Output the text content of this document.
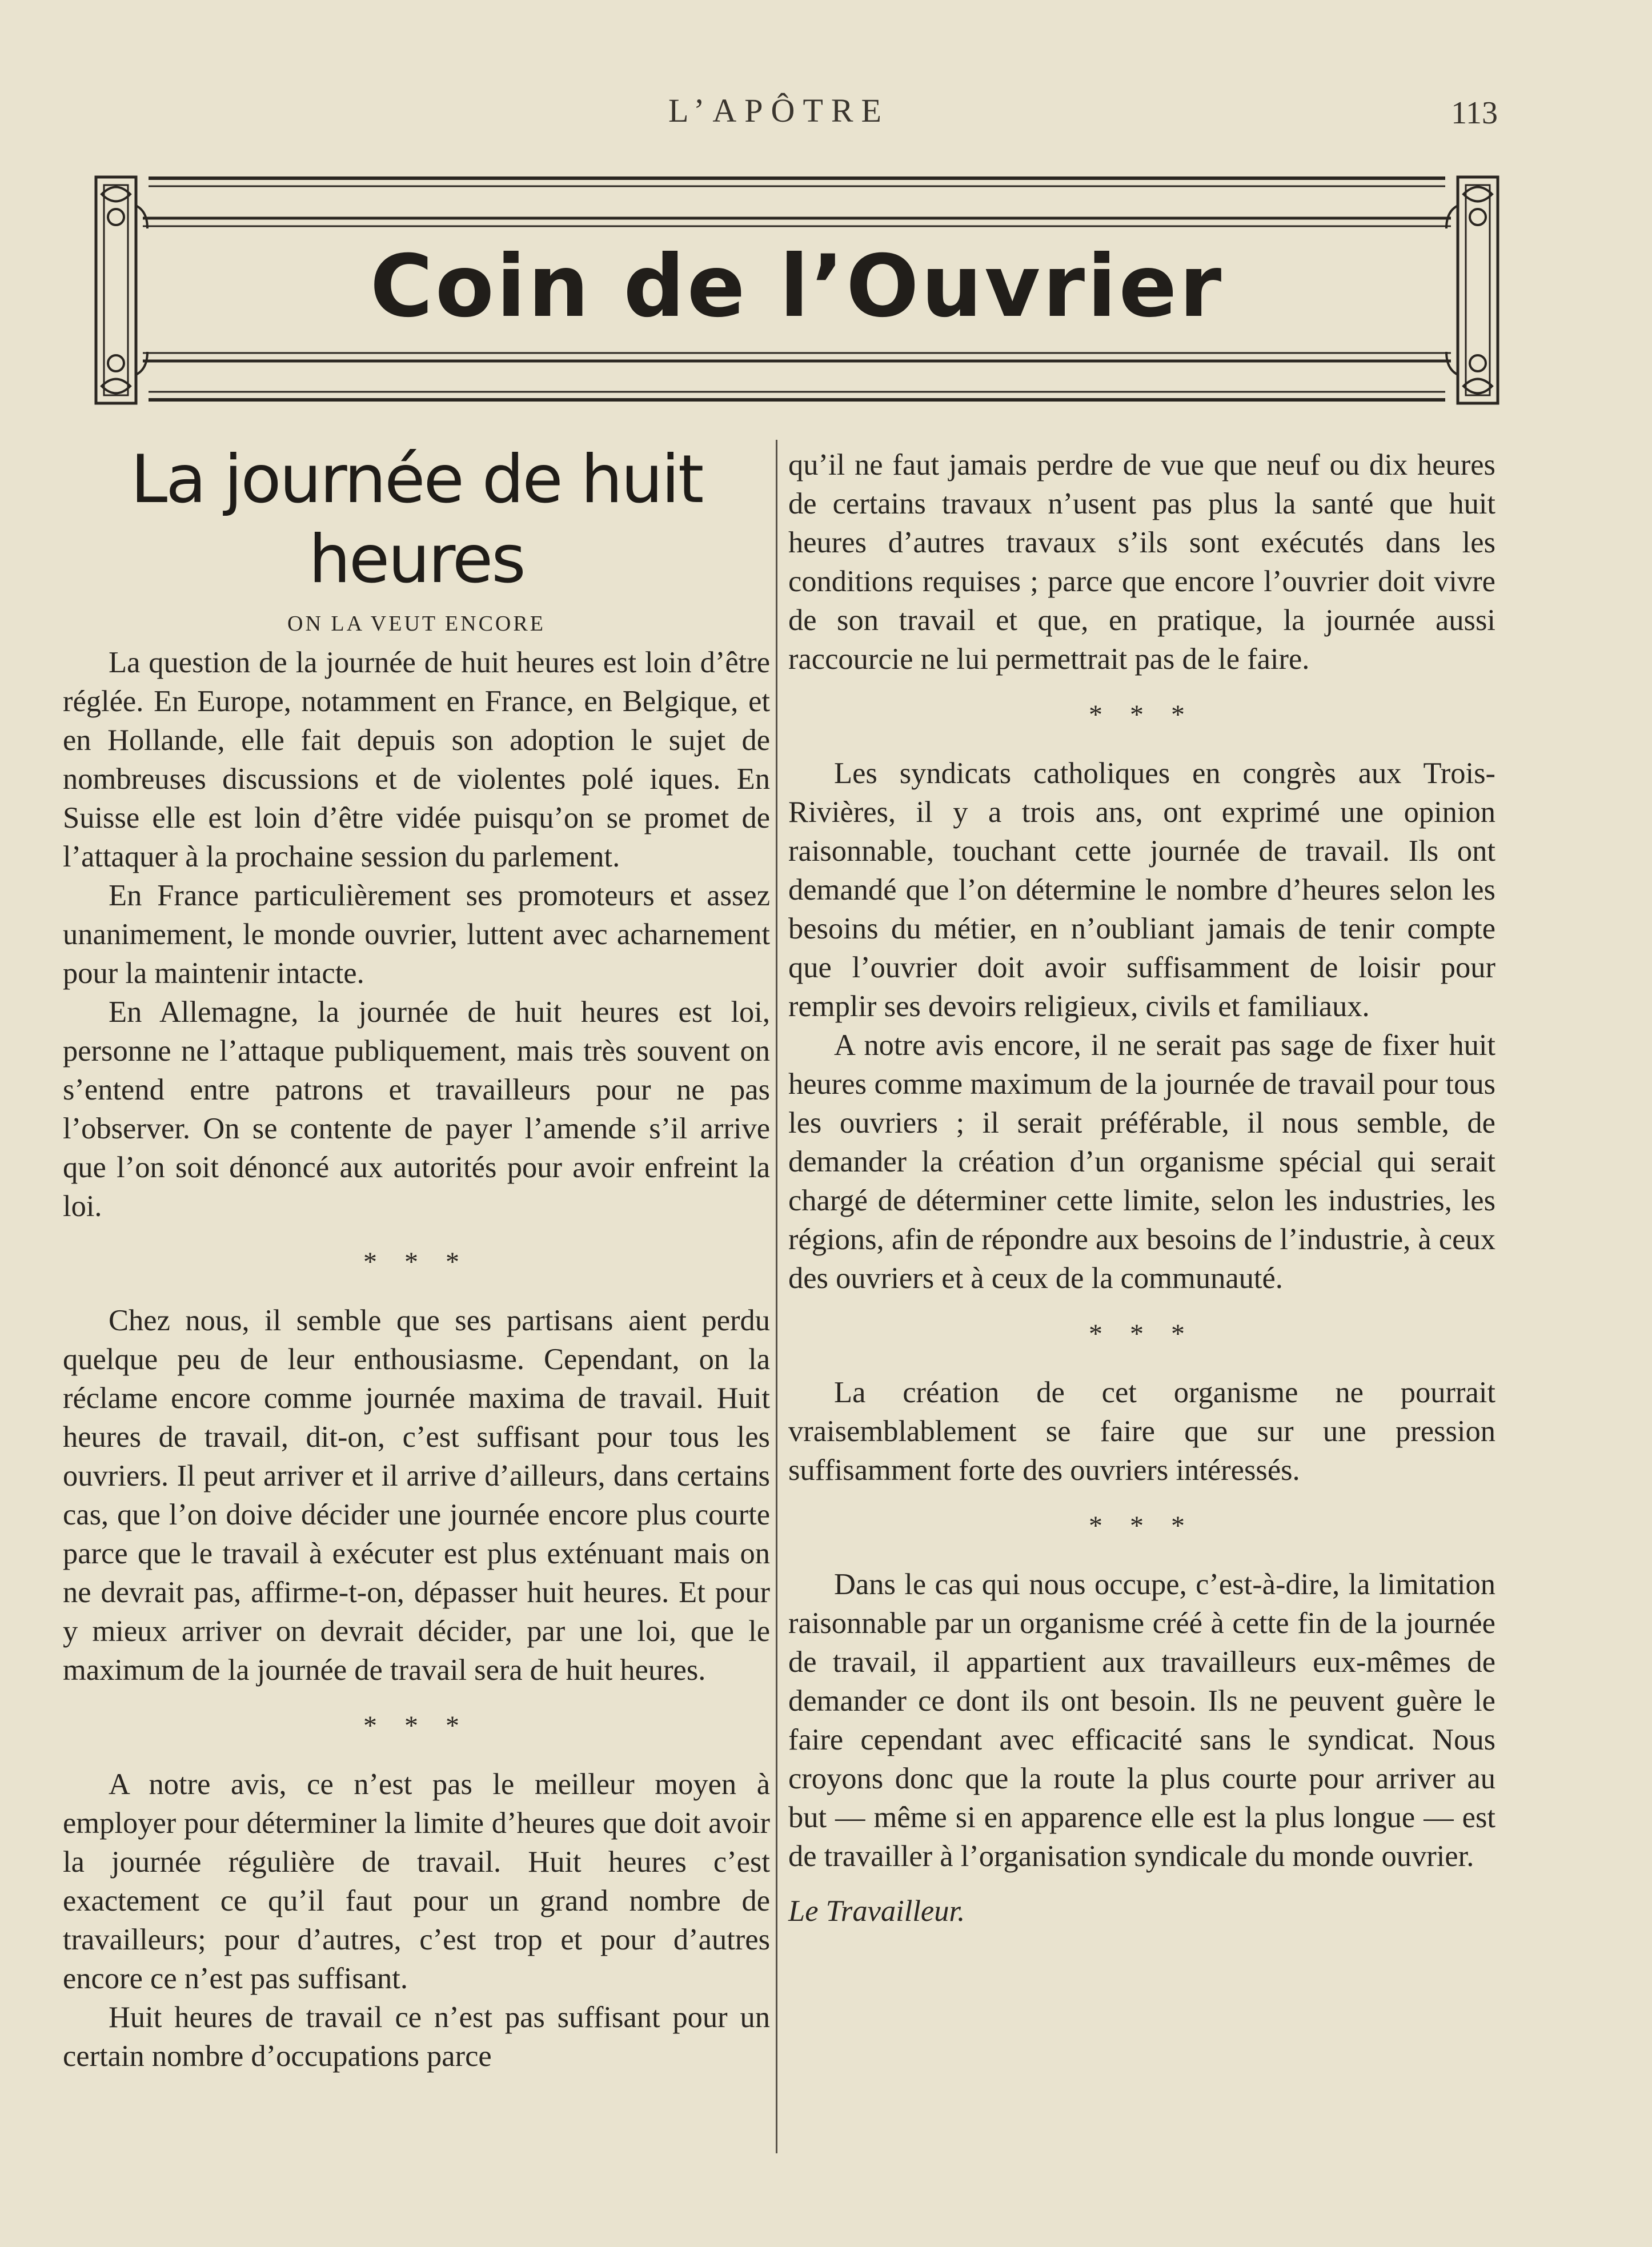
L’APÔTRE	113
Coin de l’Ouvrier
La journée de huit heures
ON LA VEUT ENCORE

La question de la journée de huit heures est loin d’être réglée. En Europe, notamment en France, en Belgique, et en Hollande, elle fait depuis son adoption le sujet de nombreuses discussions et de violentes polé iques. En Suisse elle est loin d’être vidée puisqu’on se promet de l’attaquer à la prochaine session du parlement.

En France particulièrement ses promoteurs et assez unanimement, le monde ouvrier, luttent avec acharnement pour la maintenir intacte.

En Allemagne, la journée de huit heures est loi, personne ne l’attaque publiquement, mais très souvent on s’entend entre patrons et travailleurs pour ne pas l’observer. On se contente de payer l’amende s’il arrive que l’on soit dénoncé aux autorités pour avoir enfreint la loi.

* * *

Chez nous, il semble que ses partisans aient perdu quelque peu de leur enthousiasme. Cependant, on la réclame encore comme journée maxima de travail. Huit heures de travail, dit-on, c’est suffisant pour tous les ouvriers. Il peut arriver et il arrive d’ailleurs, dans certains cas, que l’on doive décider une journée encore plus courte parce que le travail à exécuter est plus exténuant mais on ne devrait pas, affirme-t-on, dépasser huit heures. Et pour y mieux arriver on devrait décider, par une loi, que le maximum de la journée de travail sera de huit heures.

* * *

A notre avis, ce n’est pas le meilleur moyen à employer pour déterminer la limite d’heures que doit avoir la journée régulière de travail. Huit heures c’est exactement ce qu’il faut pour un grand nombre de travailleurs; pour d’autres, c’est trop et pour d’autres encore ce n’est pas suffisant.

Huit heures de travail ce n’est pas suffisant pour un certain nombre d’occupations parce

qu’il ne faut jamais perdre de vue que neuf ou dix heures de certains travaux n’usent pas plus la santé que huit heures d’autres travaux s’ils sont exécutés dans les conditions requises ; parce que encore l’ouvrier doit vivre de son travail et que, en pratique, la journée aussi raccourcie ne lui permettrait pas de le faire.

* * *

Les syndicats catholiques en congrès aux Trois-Rivières, il y a trois ans, ont exprimé une opinion raisonnable, touchant cette journée de travail. Ils ont demandé que l’on détermine le nombre d’heures selon les besoins du métier, en n’oubliant jamais de tenir compte que l’ouvrier doit avoir suffisamment de loisir pour remplir ses devoirs religieux, civils et familiaux.

A notre avis encore, il ne serait pas sage de fixer huit heures comme maximum de la journée de travail pour tous les ouvriers ; il serait préférable, il nous semble, de demander la création d’un organisme spécial qui serait chargé de déterminer cette limite, selon les industries, les régions, afin de répondre aux besoins de l’industrie, à ceux des ouvriers et à ceux de la communauté.

* * *

La création de cet organisme ne pourrait vraisemblablement se faire que sur une pression suffisamment forte des ouvriers intéressés.

* * *

Dans le cas qui nous occupe, c’est-à-dire, la limitation raisonnable par un organisme créé à cette fin de la journée de travail, il appartient aux travailleurs eux-mêmes de demander ce dont ils ont besoin. Ils ne peuvent guère le faire cependant avec efficacité sans le syndicat. Nous croyons donc que la route la plus courte pour arriver au but — même si en apparence elle est la plus longue — est de travailler à l’organisation syndicale du monde ouvrier.

Le Travailleur.
